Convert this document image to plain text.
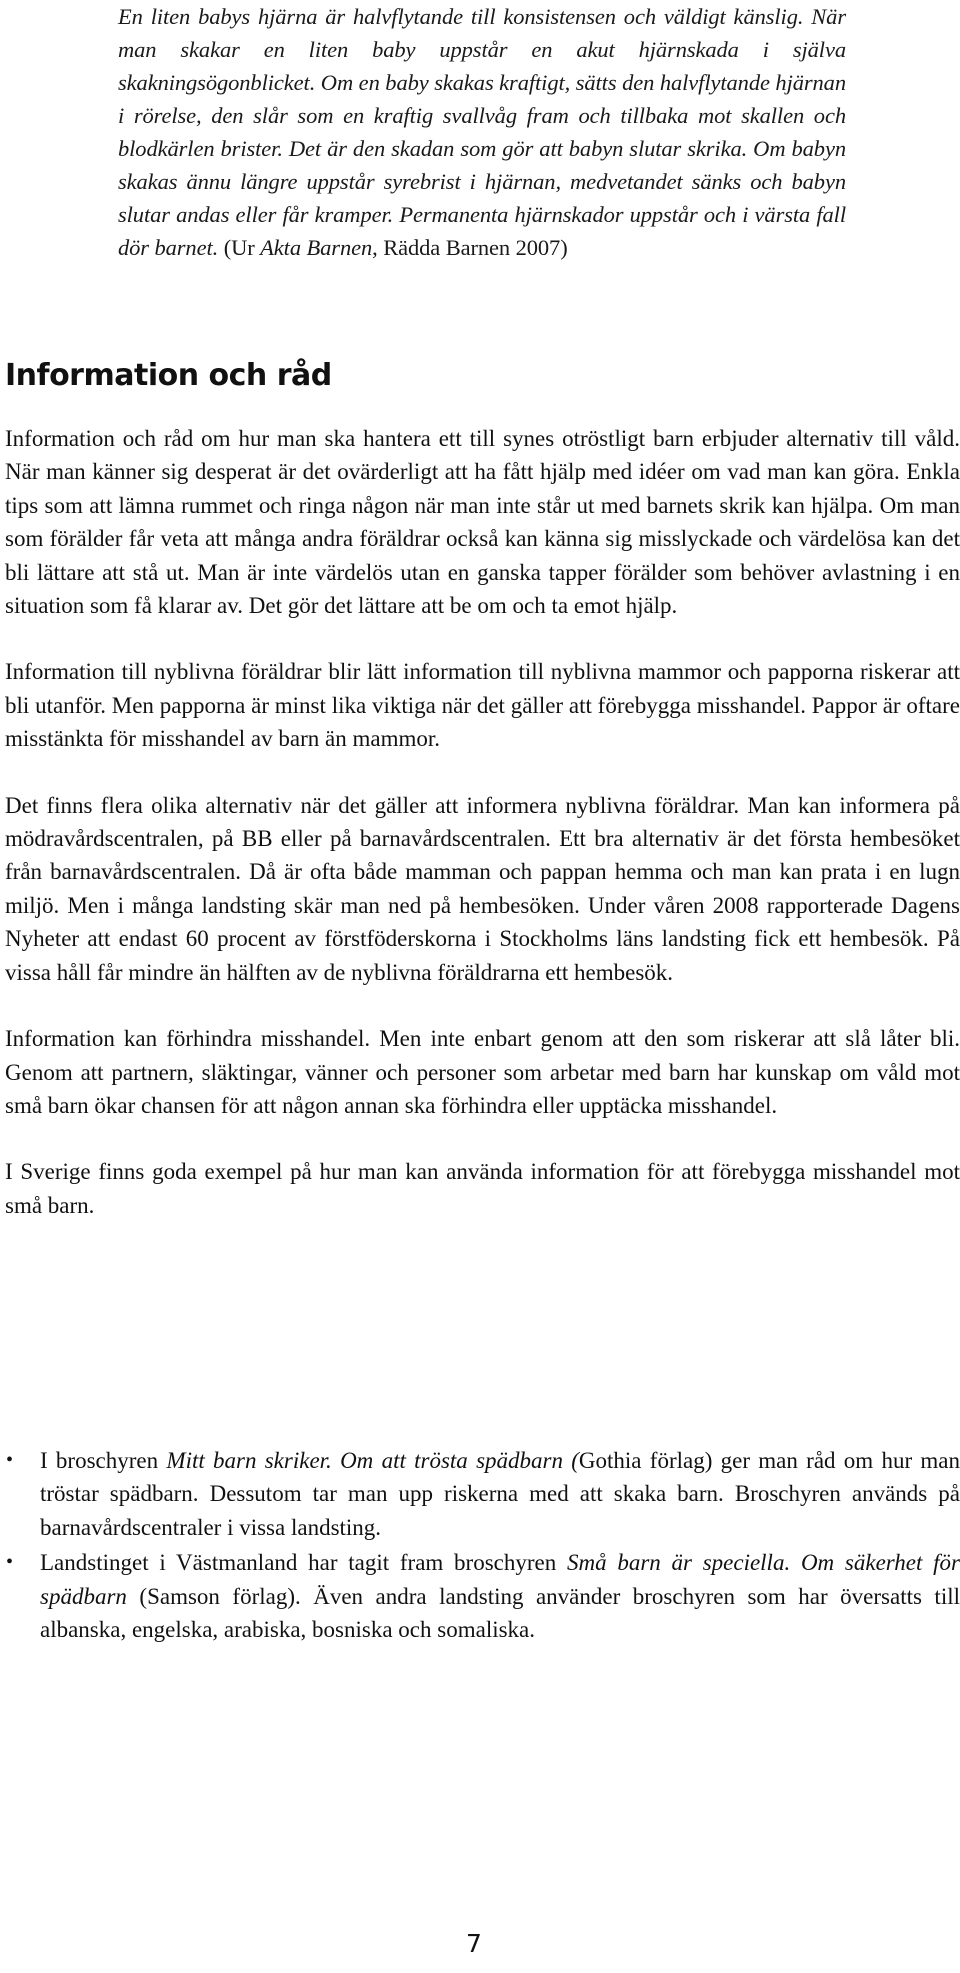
En liten babys hjärna är halvflytande till konsistensen och väldigt känslig. När man skakar en liten baby uppstår en akut hjärnskada i själva skakningsögonblicket. Om en baby skakas kraftigt, sätts den halvflytande hjärnan i rörelse, den slår som en kraftig svallvåg fram och tillbaka mot skallen och blodkärlen brister. Det är den skadan som gör att babyn slutar skrika. Om babyn skakas ännu längre uppstår syrebrist i hjärnan, medvetandet sänks och babyn slutar andas eller får kramper. Permanenta hjärnskador uppstår och i värsta fall dör barnet. (Ur Akta Barnen, Rädda Barnen 2007)
Information och råd

Information och råd om hur man ska hantera ett till synes otröstligt barn erbjuder alternativ till våld. När man känner sig desperat är det ovärderligt att ha fått hjälp med idéer om vad man kan göra. Enkla tips som att lämna rummet och ringa någon när man inte står ut med barnets skrik kan hjälpa. Om man som förälder får veta att många andra föräldrar också kan känna sig misslyckade och värdelösa kan det bli lättare att stå ut. Man är inte värdelös utan en ganska tapper förälder som behöver avlastning i en situation som få klarar av. Det gör det lättare att be om och ta emot hjälp.

Information till nyblivna föräldrar blir lätt information till nyblivna mammor och papporna riskerar att bli utanför. Men papporna är minst lika viktiga när det gäller att förebygga misshandel. Pappor är oftare misstänkta för misshandel av barn än mammor.

Det finns flera olika alternativ när det gäller att informera nyblivna föräldrar. Man kan informera på mödravårdscentralen, på BB eller på barnavårdscentralen. Ett bra alternativ är det första hembesöket från barnavårdscentralen. Då är ofta både mamman och pappan hemma och man kan prata i en lugn miljö. Men i många landsting skär man ned på hembesöken. Under våren 2008 rapporterade Dagens Nyheter att endast 60 procent av förstföderskorna i Stockholms läns landsting fick ett hembesök. På vissa håll får mindre än hälften av de nyblivna föräldrarna ett hembesök.

Information kan förhindra misshandel. Men inte enbart genom att den som riskerar att slå låter bli. Genom att partnern, släktingar, vänner och personer som arbetar med barn har kunskap om våld mot små barn ökar chansen för att någon annan ska förhindra eller upptäcka misshandel.

I Sverige finns goda exempel på hur man kan använda information för att förebygga misshandel mot små barn.

• I broschyren Mitt barn skriker. Om att trösta spädbarn (Gothia förlag) ger man råd om hur man tröstar spädbarn. Dessutom tar man upp riskerna med att skaka barn. Broschyren används på barnavårdscentraler i vissa landsting.
• Landstinget i Västmanland har tagit fram broschyren Små barn är speciella. Om säkerhet för spädbarn (Samson förlag). Även andra landsting använder broschyren som har översatts till albanska, engelska, arabiska, bosniska och somaliska.
7
